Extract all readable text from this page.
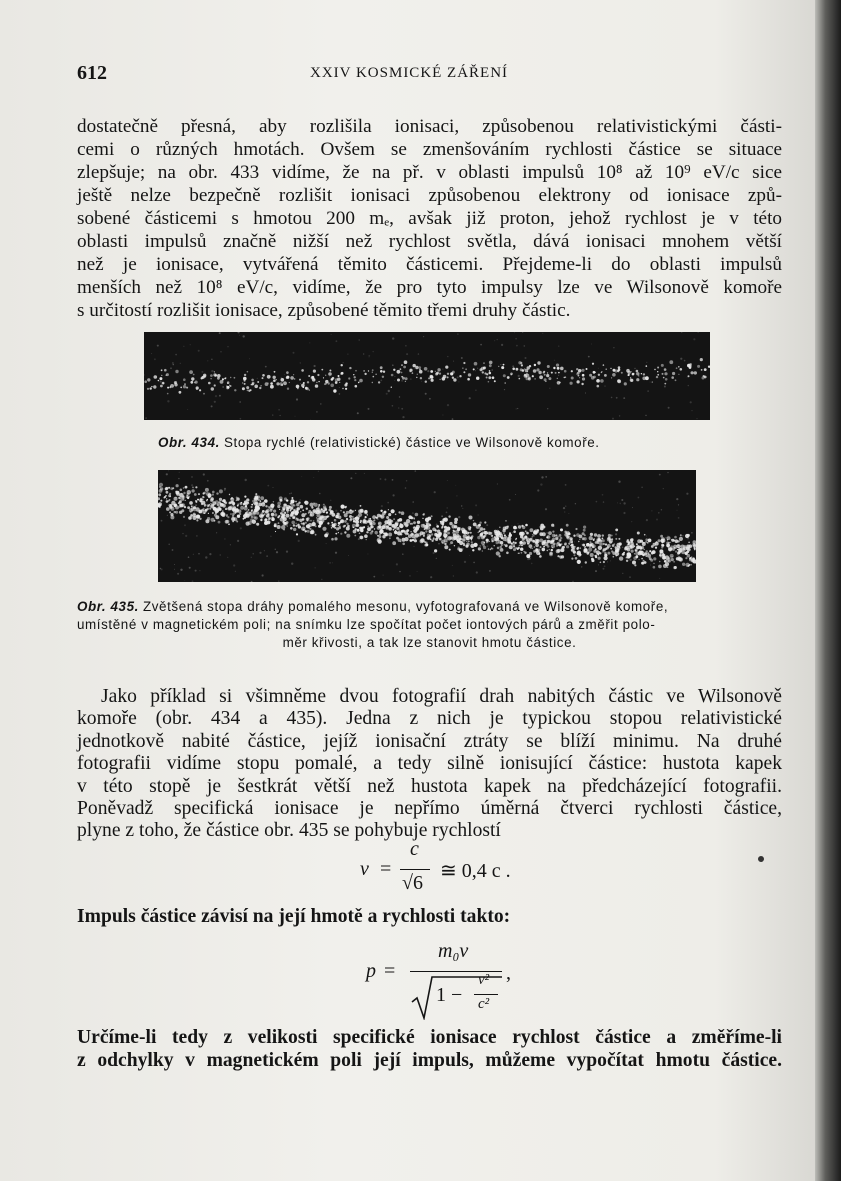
612	XXIV KOSMICKÉ ZÁŘENÍ

dostatečně přesná, aby rozlišila ionisaci, způsobenou relativistickými části-
cemi o různých hmotách. Ovšem se zmenšováním rychlosti částice se situace
zlepšuje; na obr. 433 vidíme, že na př. v oblasti impulsů 10⁸ až 10⁹ eV/c sice
ještě nelze bezpečně rozlišit ionisaci způsobenou elektrony od ionisace způ-
sobené částicemi s hmotou 200 mₑ, avšak již proton, jehož rychlost je v této
oblasti impulsů značně nižší než rychlost světla, dává ionisaci mnohem větší
než je ionisace, vytvářená těmito částicemi. Přejdeme-li do oblasti impulsů
menších než 10⁸ eV/c, vidíme, že pro tyto impulsy lze ve Wilsonově komoře
s určitostí rozlišit ionisace, způsobené těmito třemi druhy částic.

Obr. 434. Stopa rychlé (relativistické) částice ve Wilsonově komoře.
Obr. 435. Zvětšená stopa dráhy pomalého mesonu, vyfotografovaná ve Wilsonově komoře,
umístěné v magnetickém poli; na snímku lze spočítat počet iontových párů a změřit polo-
měr křivosti, a tak lze stanovit hmotu částice.

Jako příklad si všimněme dvou fotografií drah nabitých částic ve Wilsonově
komoře (obr. 434 a 435). Jedna z nich je typickou stopou relativistické
jednotkově nabité částice, jejíž ionisační ztráty se blíží minimu. Na druhé
fotografii vidíme stopu pomalé, a tedy silně ionisující částice: hustota kapek
v této stopě je šestkrát větší než hustota kapek na předcházející fotografii.
Poněvadž specifická ionisace je nepřímo úměrná čtverci rychlosti částice,
plyne z toho, že částice obr. 435 se pohybuje rychlostí

v =
c
√6
≅ 0,4 c .

Impuls částice závisí na její hmotě a rychlosti takto:

p =
m₀v
1 −
v²
c²
,

Určíme-li tedy z velikosti specifické ionisace rychlost částice a změříme-li
z odchylky v magnetickém poli její impuls, můžeme vypočítat hmotu částice.
